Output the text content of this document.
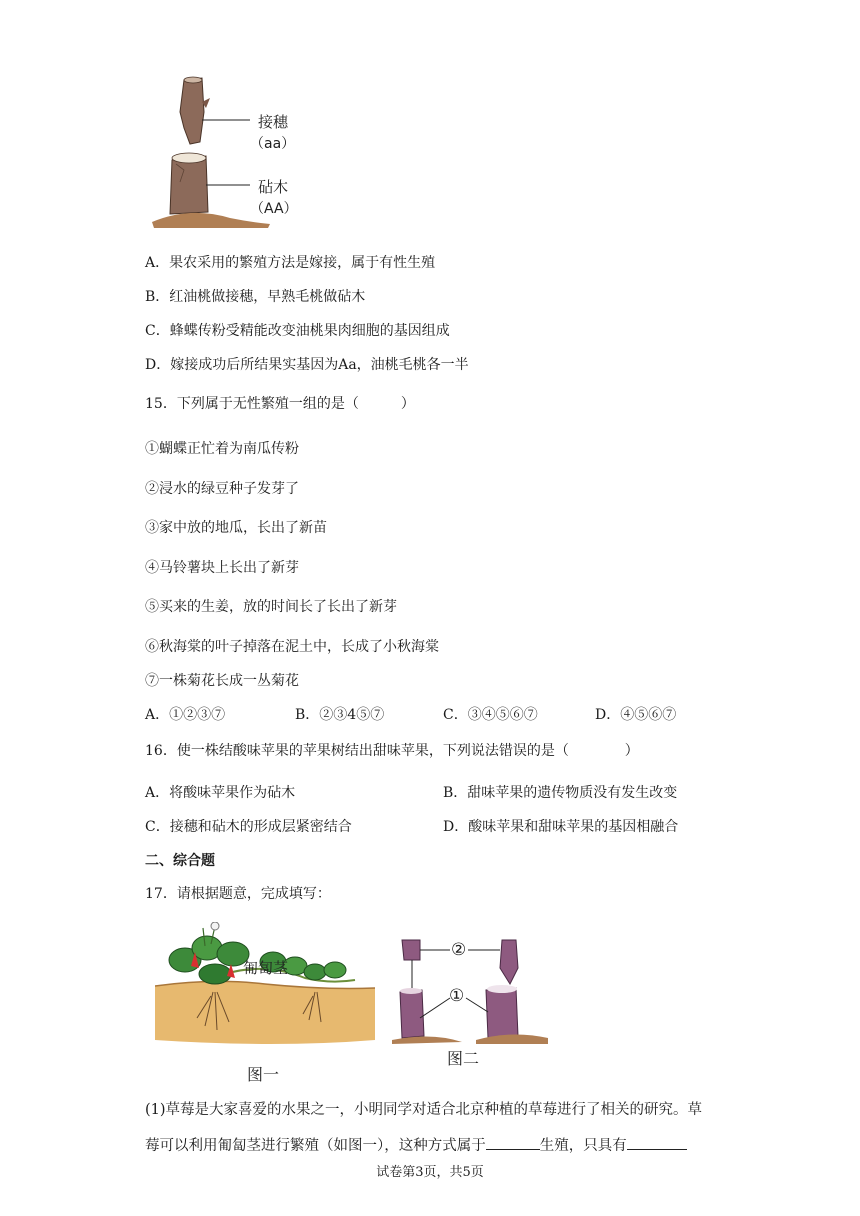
接穗
（aa）
砧木
（AA）
A．果农采用的繁殖方法是嫁接，属于有性生殖
B．红油桃做接穗，早熟毛桃做砧木
C．蜂蝶传粉受精能改变油桃果肉细胞的基因组成
D．嫁接成功后所结果实基因为Aa，油桃毛桃各一半
15．下列属于无性繁殖一组的是（　　　）
①蝴蝶正忙着为南瓜传粉
②浸水的绿豆种子发芽了
③家中放的地瓜，长出了新苗
④马铃薯块上长出了新芽
⑤买来的生姜，放的时间长了长出了新芽
⑥秋海棠的叶子掉落在泥土中，长成了小秋海棠
⑦一株菊花长成一丛菊花
A．①②③⑦	B．②③4⑤⑦	C．③④⑤⑥⑦	D．④⑤⑥⑦
16．使一株结酸味苹果的苹果树结出甜味苹果，下列说法错误的是（　　　　）
A．将酸味苹果作为砧木	B．甜味苹果的遗传物质没有发生改变
C．接穗和砧木的形成层紧密结合	D．酸味苹果和甜味苹果的基因相融合
二、综合题
17．请根据题意，完成填写：
匍匐茎
图一
②
①
图二
(1)草莓是大家喜爱的水果之一，小明同学对适合北京种植的草莓进行了相关的研究。草
莓可以利用匍匐茎进行繁殖（如图一），这种方式属于	生殖，只具有
试卷第3页，共5页
